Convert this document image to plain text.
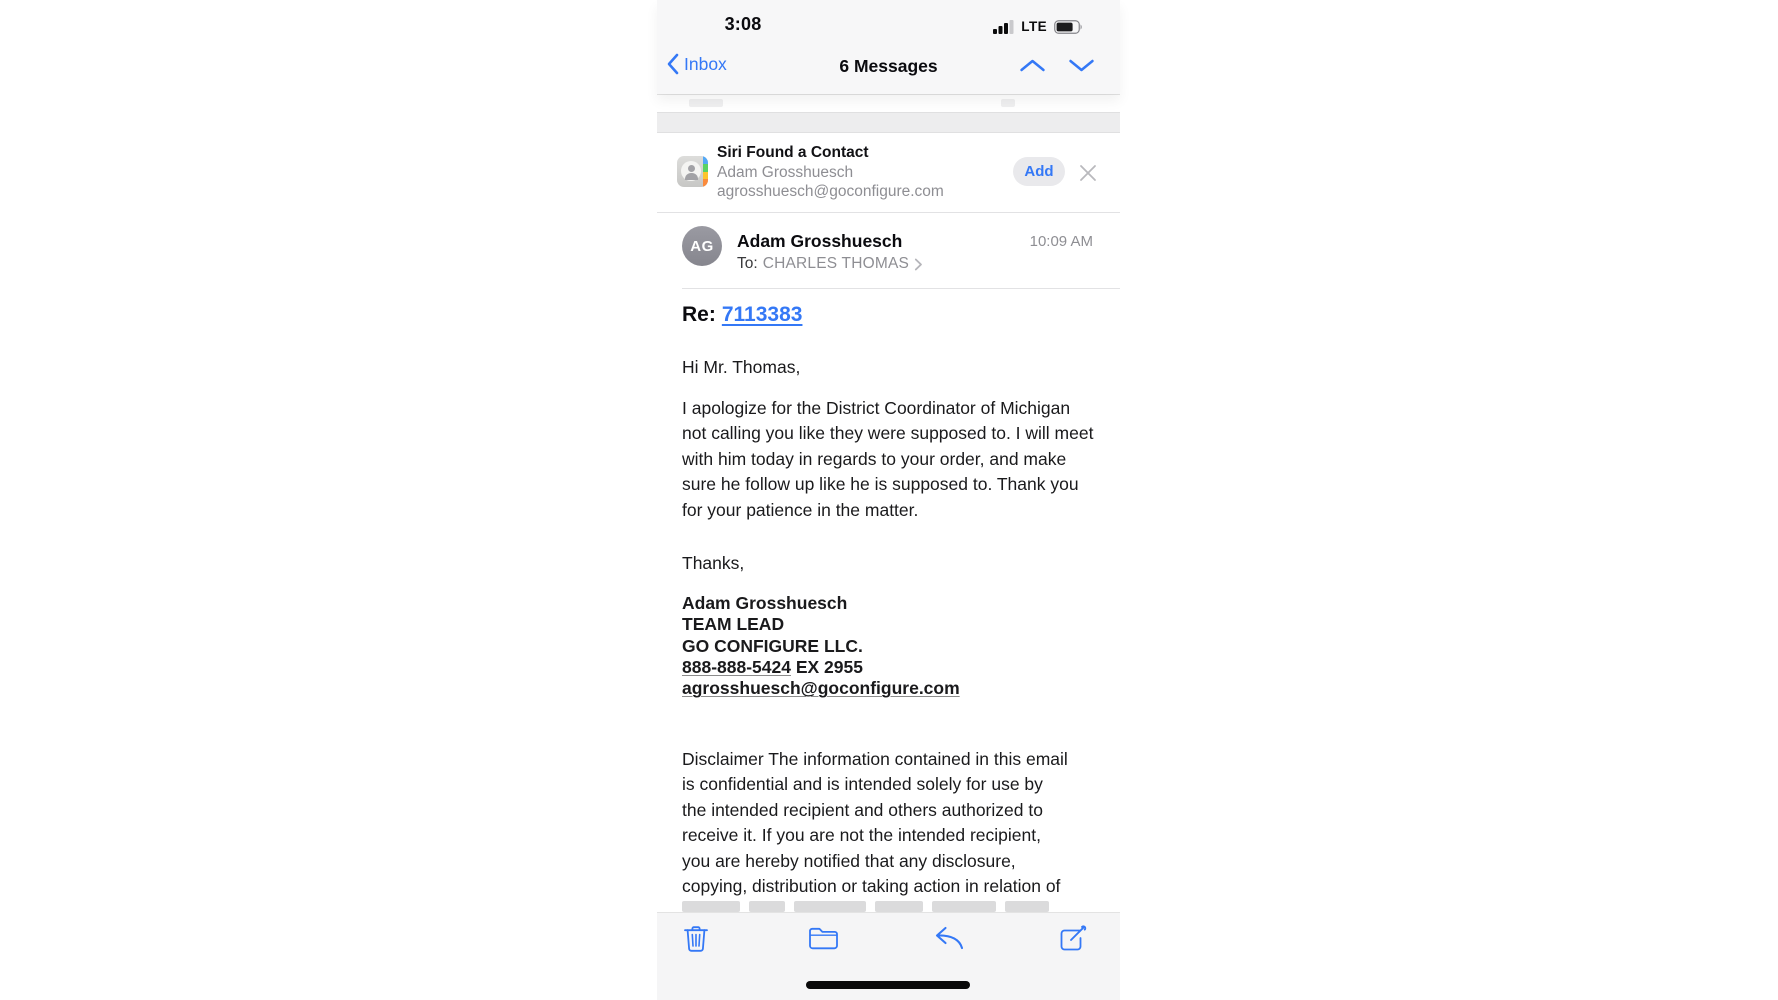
3:08	LTE
Inbox	6 Messages
Siri Found a Contact
Adam Grosshuesch
agrosshuesch@goconfigure.com
Add
AG	Adam Grosshuesch
To: CHARLES THOMAS
10:09 AM
Re: 7113383
Hi Mr. Thomas,
I apologize for the District Coordinator of Michigan
not calling you like they were supposed to. I will meet
with him today in regards to your order, and make
sure he follow up like he is supposed to. Thank you
for your patience in the matter.
Thanks,
Adam Grosshuesch
TEAM LEAD
GO CONFIGURE LLC.
888-888-5424 EX 2955
agrosshuesch@goconfigure.com
Disclaimer The information contained in this email
is confidential and is intended solely for use by
the intended recipient and others authorized to
receive it. If you are not the intended recipient,
you are hereby notified that any disclosure,
copying, distribution or taking action in relation of
